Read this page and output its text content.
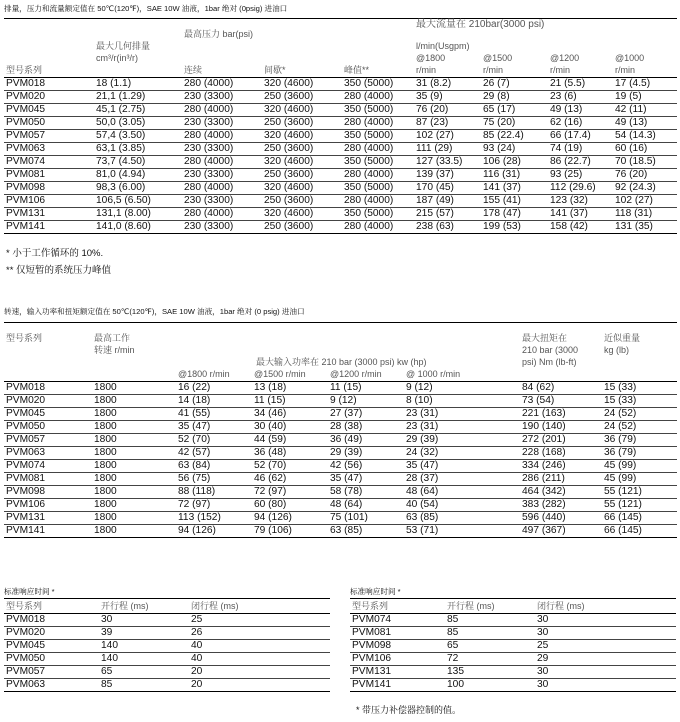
排量，压力和流量额定值在 50℃(120℉)，SAE 10W 油液，1bar 绝对 (0psig) 进油口
		最高压力 bar(psi)			最大流量在 210bar(3000 psi)			
	最大几何排量				l/min(Usgpm)			
	cm³/r(in³/r)				@1800	@1500	@1200	@1000
型号系列		连续	间歇*	峰值**	r/min	r/min	r/min	r/min
PVM018	18 (1.1)	280 (4000)	320 (4600)	350 (5000)	31 (8.2)	26 (7)	21 (5.5)	17 (4.5)
PVM020	21,1 (1.29)	230 (3300)	250 (3600)	280 (4000)	35 (9)	29 (8)	23 (6)	19 (5)
PVM045	45,1 (2.75)	280 (4000)	320 (4600)	350 (5000)	76 (20)	65 (17)	49 (13)	42 (11)
PVM050	50,0 (3.05)	230 (3300)	250 (3600)	280 (4000)	87 (23)	75 (20)	62 (16)	49 (13)
PVM057	57,4 (3.50)	280 (4000)	320 (4600)	350 (5000)	102 (27)	85 (22.4)	66 (17.4)	54 (14.3)
PVM063	63,1 (3.85)	230 (3300)	250 (3600)	280 (4000)	111 (29)	93 (24)	74 (19)	60 (16)
PVM074	73,7 (4.50)	280 (4000)	320 (4600)	350 (5000)	127 (33.5)	106 (28)	86 (22.7)	70 (18.5)
PVM081	81,0 (4.94)	230 (3300)	250 (3600)	280 (4000)	139 (37)	116 (31)	93 (25)	76 (20)
PVM098	98,3 (6.00)	280 (4000)	320 (4600)	350 (5000)	170 (45)	141 (37)	112 (29.6)	92 (24.3)
PVM106	106,5 (6.50)	230 (3300)	250 (3600)	280 (4000)	187 (49)	155 (41)	123 (32)	102 (27)
PVM131	131,1 (8.00)	280 (4000)	320 (4600)	350 (5000)	215 (57)	178 (47)	141 (37)	118 (31)
PVM141	141,0 (8.60)	230 (3300)	250 (3600)	280 (4000)	238 (63)	199 (53)	158 (42)	131 (35)
* 小于工作循环的 10%.
** 仅短暂的系统压力峰值
转速，输入功率和扭矩额定值在 50℃(120℉)，SAE 10W 油液，1bar 绝对 (0 psig) 进油口
型号系列	最高工作					最大扭矩在	近似重量
	转速 r/min					210 bar (3000	kg (lb)
		最大输入功率在 210 bar (3000 psi) kw (hp)				psi) Nm (lb-ft)	
		@1800 r/min	@1500 r/min	@1200 r/min	@ 1000 r/min		
PVM018	1800	16 (22)	13 (18)	11 (15)	9 (12)	84 (62)	15 (33)
PVM020	1800	14 (18)	11 (15)	9 (12)	8 (10)	73 (54)	15 (33)
PVM045	1800	41 (55)	34 (46)	27 (37)	23 (31)	221 (163)	24 (52)
PVM050	1800	35 (47)	30 (40)	28 (38)	23 (31)	190 (140)	24 (52)
PVM057	1800	52 (70)	44 (59)	36 (49)	29 (39)	272 (201)	36 (79)
PVM063	1800	42 (57)	36 (48)	29 (39)	24 (32)	228 (168)	36 (79)
PVM074	1800	63 (84)	52 (70)	42 (56)	35 (47)	334 (246)	45 (99)
PVM081	1800	56 (75)	46 (62)	35 (47)	28 (37)	286 (211)	45 (99)
PVM098	1800	88 (118)	72 (97)	58 (78)	48 (64)	464 (342)	55 (121)
PVM106	1800	72 (97)	60 (80)	48 (64)	40 (54)	383 (282)	55 (121)
PVM131	1800	113 (152)	94 (126)	75 (101)	63 (85)	596 (440)	66 (145)
PVM141	1800	94 (126)	79 (106)	63 (85)	53 (71)	497 (367)	66 (145)
标准响应时间 *
型号系列	开行程 (ms)	闭行程 (ms)
PVM018	30	25
PVM020	39	26
PVM045	140	40
PVM050	140	40
PVM057	65	20
PVM063	85	20
标准响应时间 *
型号系列	开行程 (ms)	闭行程 (ms)
PVM074	85	30
PVM081	85	30
PVM098	65	25
PVM106	72	29
PVM131	135	30
PVM141	100	30
* 带压力补偿器控制的值。
